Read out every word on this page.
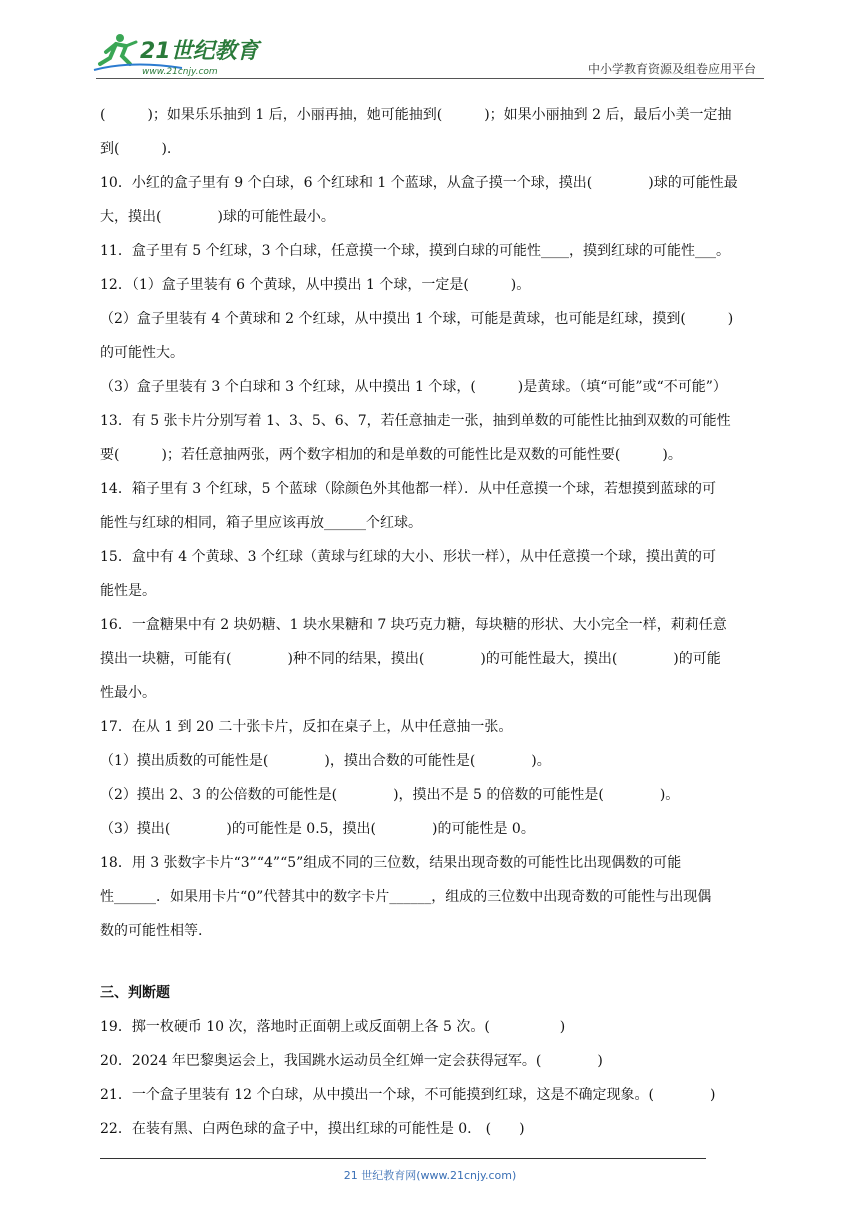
21世纪教育
www.21cnjy.com	中小学教育资源及组卷应用平台
(　　　)；如果乐乐抽到 1 后，小丽再抽，她可能抽到(　　　)；如果小丽抽到 2 后，最后小美一定抽
到(　　　).
10．小红的盒子里有 9 个白球，6 个红球和 1 个蓝球，从盒子摸一个球，摸出(　　　　)球的可能性最
大，摸出(　　　　)球的可能性最小。
11．盒子里有 5 个红球，3 个白球，任意摸一个球，摸到白球的可能性____，摸到红球的可能性___。
12．（1）盒子里装有 6 个黄球，从中摸出 1 个球，一定是(　　　)。
（2）盒子里装有 4 个黄球和 2 个红球，从中摸出 1 个球，可能是黄球，也可能是红球，摸到(　　　)
的可能性大。
（3）盒子里装有 3 个白球和 3 个红球，从中摸出 1 个球，(　　　)是黄球。（填“可能”或“不可能”）
13．有 5 张卡片分别写着 1、3、5、6、7，若任意抽走一张，抽到单数的可能性比抽到双数的可能性
要(　　　)；若任意抽两张，两个数字相加的和是单数的可能性比是双数的可能性要(　　　)。
14．箱子里有 3 个红球，5 个蓝球（除颜色外其他都一样）．从中任意摸一个球，若想摸到蓝球的可
能性与红球的相同，箱子里应该再放______个红球。
15．盒中有 4 个黄球、3 个红球（黄球与红球的大小、形状一样），从中任意摸一个球，摸出黄的可
能性是。
16．一盒糖果中有 2 块奶糖、1 块水果糖和 7 块巧克力糖，每块糖的形状、大小完全一样，莉莉任意
摸出一块糖，可能有(　　　　)种不同的结果，摸出(　　　　)的可能性最大，摸出(　　　　)的可能
性最小。
17．在从 1 到 20 二十张卡片，反扣在桌子上，从中任意抽一张。
（1）摸出质数的可能性是(　　　　)，摸出合数的可能性是(　　　　)。
（2）摸出 2、3 的公倍数的可能性是(　　　　)，摸出不是 5 的倍数的可能性是(　　　　)。
（3）摸出(　　　　)的可能性是 0.5，摸出(　　　　)的可能性是 0。
18．用 3 张数字卡片“3”“4”“5”组成不同的三位数，结果出现奇数的可能性比出现偶数的可能
性______．如果用卡片“0”代替其中的数字卡片______，组成的三位数中出现奇数的可能性与出现偶
数的可能性相等.
三、判断题
19．掷一枚硬币 10 次，落地时正面朝上或反面朝上各 5 次。(　　　　　)
20．2024 年巴黎奥运会上，我国跳水运动员全红婵一定会获得冠军。(　　　　)
21．一个盒子里装有 12 个白球，从中摸出一个球，不可能摸到红球，这是不确定现象。(　　　　)
22．在装有黑、白两色球的盒子中，摸出红球的可能性是 0.　(　　)
21 世纪教育网(www.21cnjy.com)
